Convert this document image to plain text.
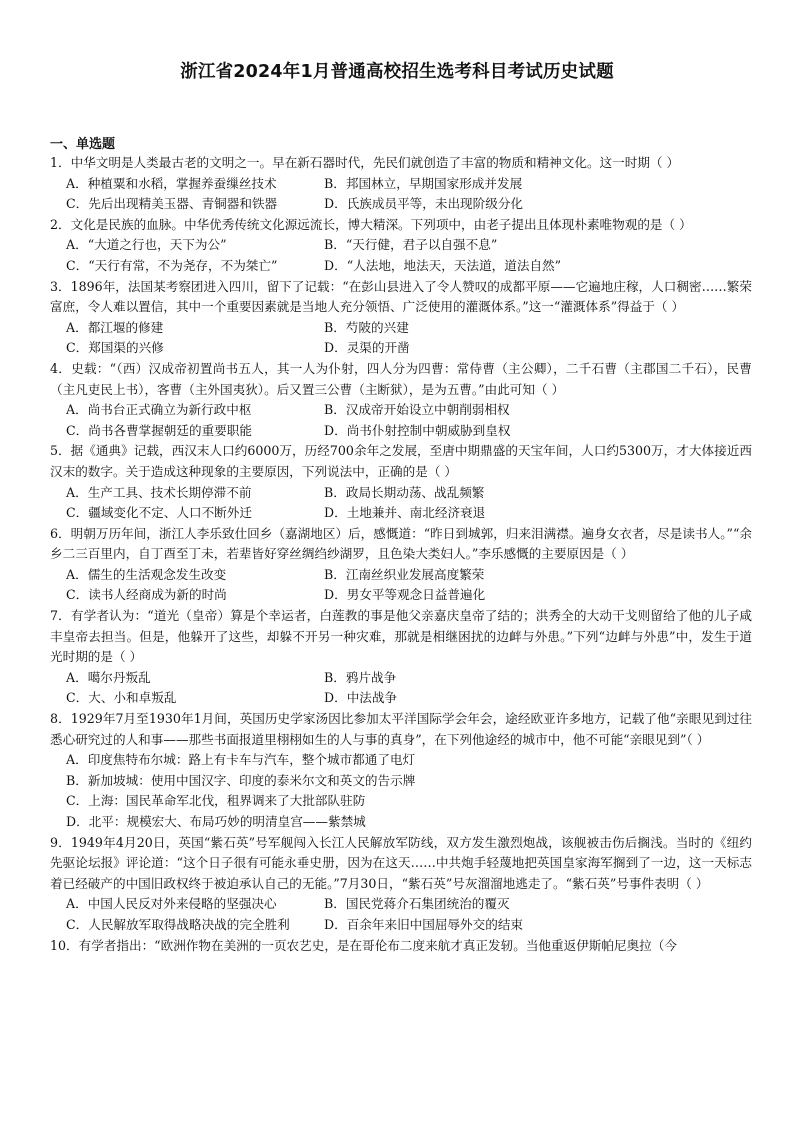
浙江省2024年1月普通高校招生选考科目考试历史试题
一、单选题
1．中华文明是人类最古老的文明之一。早在新石器时代，先民们就创造了丰富的物质和精神文化。这一时期（ ）
A．种植粟和水稻，掌握养蚕缫丝技术	B．邦国林立，早期国家形成并发展
C．先后出现精美玉器、青铜器和铁器	D．氏族成员平等，未出现阶级分化
2．文化是民族的血脉。中华优秀传统文化源远流长，博大精深。下列项中，由老子提出且体现朴素唯物观的是（ ）
A．“大道之行也，天下为公”	B．“天行健，君子以自强不息”
C．“天行有常，不为尧存，不为桀亡”	D．“人法地，地法天，天法道，道法自然”
3．1896年，法国某考察团进入四川，留下了记载：“在彭山县进入了令人赞叹的成都平原——它遍地庄稼，人口稠密……繁荣富庶，令人难以置信，其中一个重要因素就是当地人充分领悟、广泛使用的灌溉体系。”这一“灌溉体系”得益于（ ）
A．都江堰的修建	B．芍陂的兴建
C．郑国渠的兴修	D．灵渠的开凿
4．史载：“（西）汉成帝初置尚书五人，其一人为仆射，四人分为四曹：常侍曹（主公卿），二千石曹（主郡国二千石），民曹（主凡吏民上书），客曹（主外国夷狄）。后又置三公曹（主断狱），是为五曹。”由此可知（ ）
A．尚书台正式确立为新行政中枢	B．汉成帝开始设立中朝削弱相权
C．尚书各曹掌握朝廷的重要职能	D．尚书仆射控制中朝威胁到皇权
5．据《通典》记载，西汉末人口约6000万，历经700余年之发展，至唐中期鼎盛的天宝年间，人口约5300万，才大体接近西汉末的数字。关于造成这种现象的主要原因，下列说法中，正确的是（ ）
A．生产工具、技术长期停滞不前	B．政局长期动荡、战乱频繁
C．疆域变化不定、人口不断外迁	D．土地兼并、南北经济衰退
6．明朝万历年间，浙江人李乐致仕回乡（嘉湖地区）后，感慨道：“昨日到城郭，归来泪满襟。遍身女衣者，尽是读书人。”“余乡二三百里内，自丁酉至丁未，若辈皆好穿丝绸绉纱湖罗，且色染大类妇人。”李乐感慨的主要原因是（ ）
A．儒生的生活观念发生改变	B．江南丝织业发展高度繁荣
C．读书人经商成为新的时尚	D．男女平等观念日益普遍化
7．有学者认为：“道光（皇帝）算是个幸运者，白莲教的事是他父亲嘉庆皇帝了结的；洪秀全的大动干戈则留给了他的儿子咸丰皇帝去担当。但是，他躲开了这些，却躲不开另一种灾难，那就是相继困扰的边衅与外患。”下列“边衅与外患”中，发生于道光时期的是（ ）
A．噶尔丹叛乱	B．鸦片战争
C．大、小和卓叛乱	D．中法战争
8．1929年7月至1930年1月间，英国历史学家汤因比参加太平洋国际学会年会，途经欧亚许多地方，记载了他“亲眼见到过往悉心研究过的人和事——那些书面报道里栩栩如生的人与事的真身”，在下列他途经的城市中，他不可能“亲眼见到”（ ）
A．印度焦特布尔城：路上有卡车与汽车，整个城市都通了电灯
B．新加坡城：使用中国汉字、印度的泰米尔文和英文的告示牌
C．上海：国民革命军北伐，租界调来了大批部队驻防
D．北平：规模宏大、布局巧妙的明清皇宫——紫禁城
9．1949年4月20日，英国“紫石英”号军舰闯入长江人民解放军防线，双方发生激烈炮战，该舰被击伤后搁浅。当时的《纽约先驱论坛报》评论道：“这个日子很有可能永垂史册，因为在这天……中共炮手轻蔑地把英国皇家海军搁到了一边，这一天标志着已经破产的中国旧政权终于被迫承认自己的无能。”7月30日，“紫石英”号灰溜溜地逃走了。“紫石英”号事件表明（ ）
A．中国人民反对外来侵略的坚强决心	B．国民党蒋介石集团统治的覆灭
C．人民解放军取得战略决战的完全胜利	D．百余年来旧中国屈辱外交的结束
10．有学者指出：“欧洲作物在美洲的一页农艺史，是在哥伦布二度来航才真正发轫。当他重返伊斯帕尼奥拉（今
